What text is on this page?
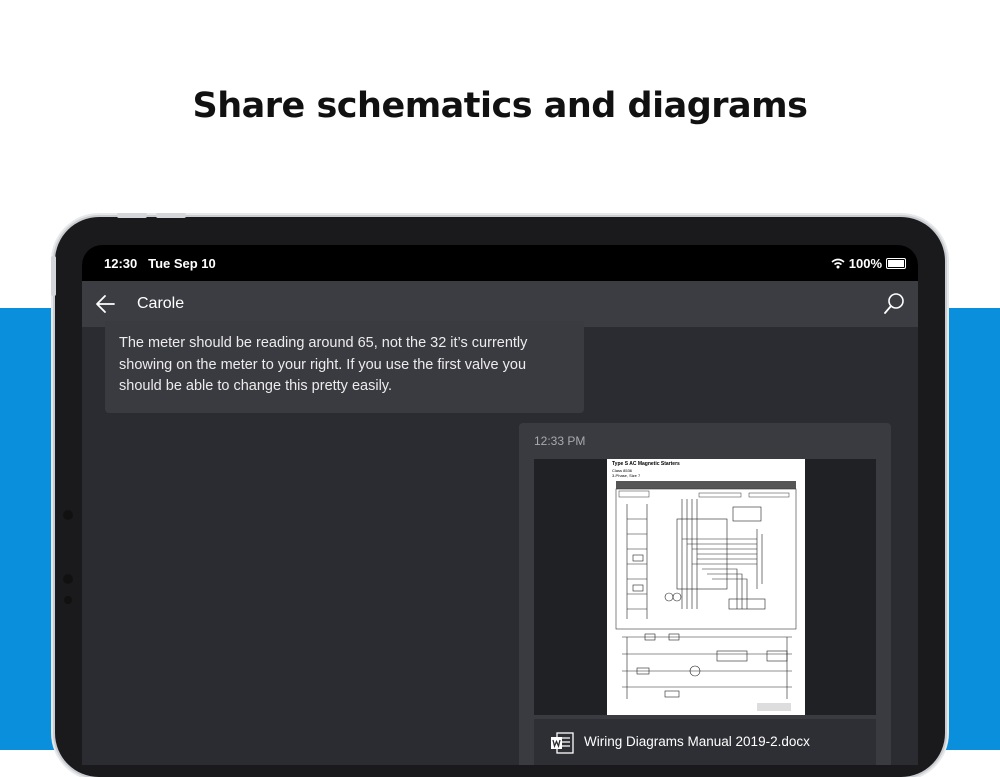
Share schematics and diagrams
12:30 Tue Sep 10	100%
Carole
The meter should be reading around 65, not the 32 it’s currently showing on the meter to your right. If you use the first valve you should be able to change this pretty easily.
12:33 PM
Type S AC Magnetic Starters
Class 8536
3-Phase, Size 7
Wiring Diagrams Manual 2019-2.docx
